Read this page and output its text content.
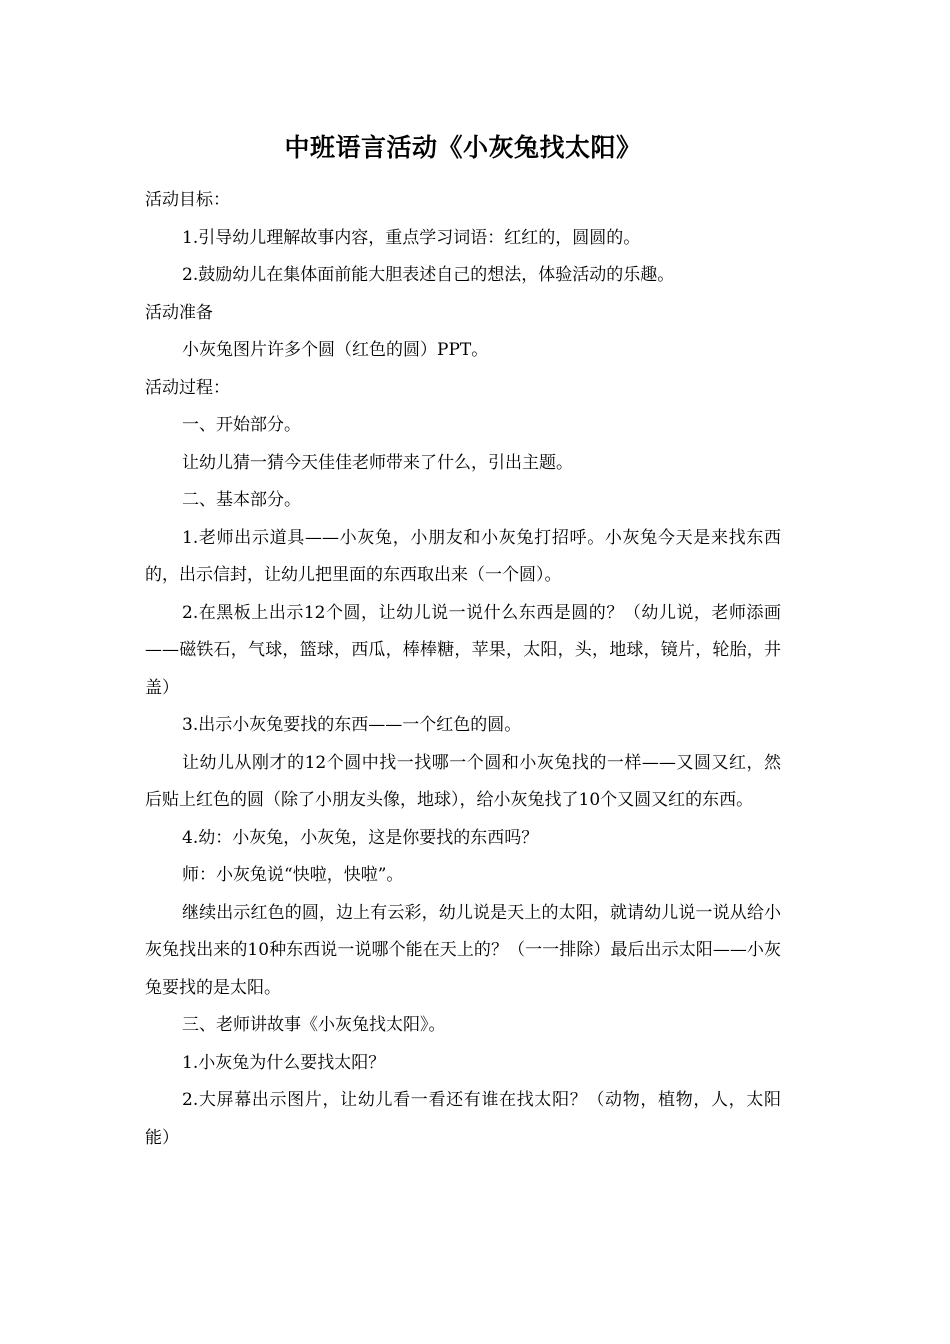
中班语言活动《小灰兔找太阳》

活动目标：

1.引导幼儿理解故事内容，重点学习词语：红红的，圆圆的。

2.鼓励幼儿在集体面前能大胆表述自己的想法，体验活动的乐趣。

活动准备

小灰兔图片许多个圆（红色的圆）PPT。

活动过程：

一、开始部分。

让幼儿猜一猜今天佳佳老师带来了什么，引出主题。

二、基本部分。

1.老师出示道具——小灰兔，小朋友和小灰兔打招呼。小灰兔今天是来找东西的，出示信封，让幼儿把里面的东西取出来（一个圆）。

2.在黑板上出示12个圆，让幼儿说一说什么东西是圆的？（幼儿说，老师添画——磁铁石，气球，篮球，西瓜，棒棒糖，苹果，太阳，头，地球，镜片，轮胎，井盖）

3.出示小灰兔要找的东西——一个红色的圆。

让幼儿从刚才的12个圆中找一找哪一个圆和小灰兔找的一样——又圆又红，然后贴上红色的圆（除了小朋友头像，地球），给小灰兔找了10个又圆又红的东西。

4.幼：小灰兔，小灰兔，这是你要找的东西吗？

师：小灰兔说“快啦，快啦”。

继续出示红色的圆，边上有云彩，幼儿说是天上的太阳，就请幼儿说一说从给小灰兔找出来的10种东西说一说哪个能在天上的？（一一排除）最后出示太阳——小灰兔要找的是太阳。

三、老师讲故事《小灰兔找太阳》。

1.小灰兔为什么要找太阳？

2.大屏幕出示图片，让幼儿看一看还有谁在找太阳？（动物，植物，人，太阳能）
